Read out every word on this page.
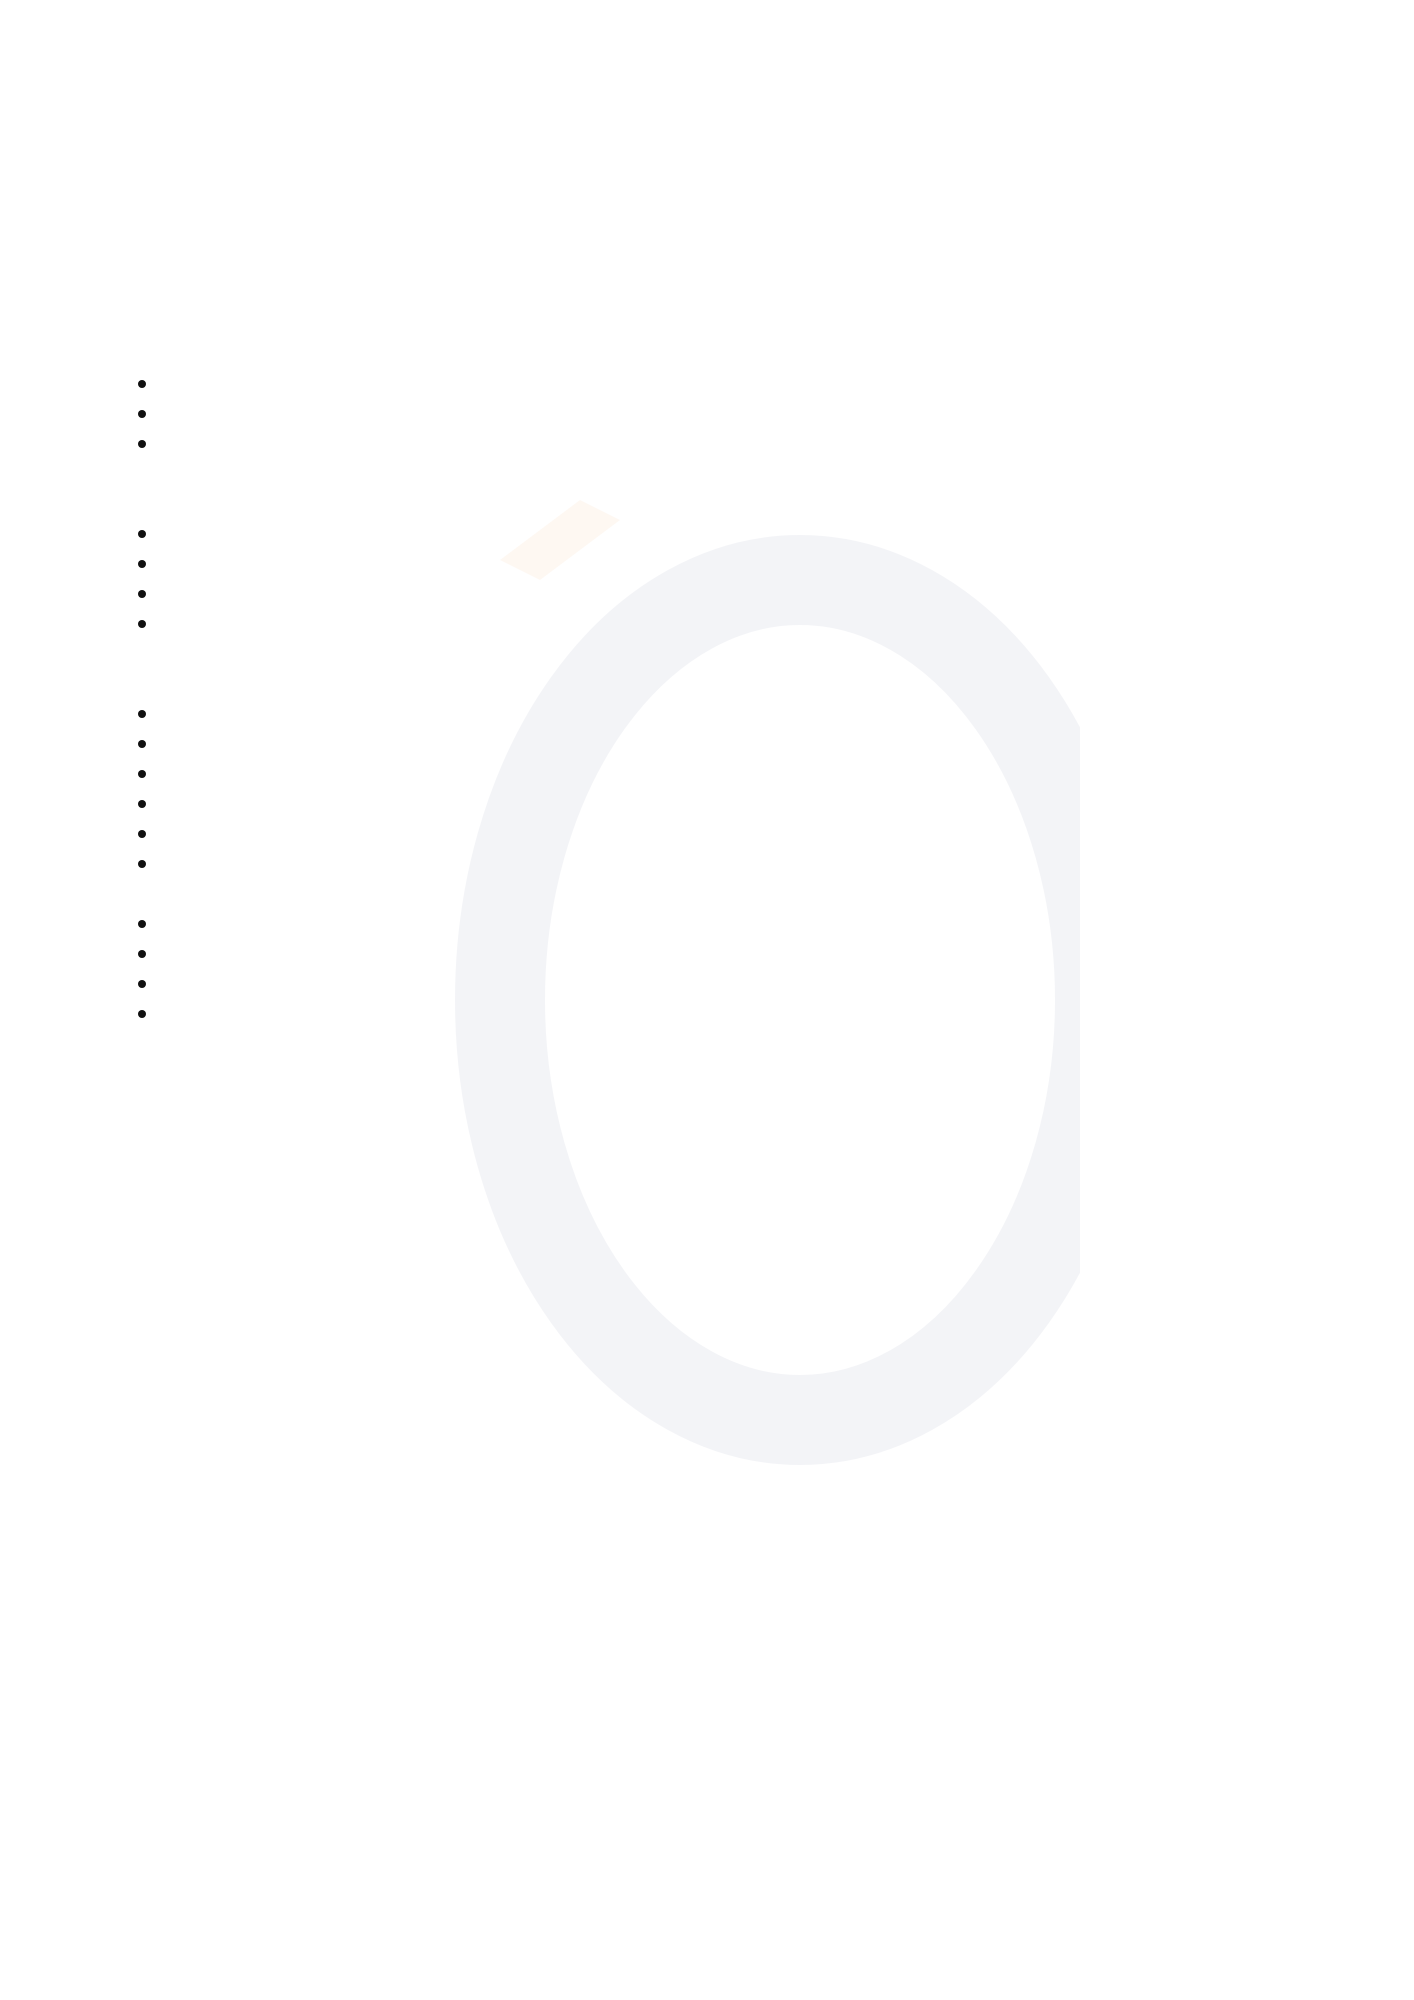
•
•
•

•
•
•
•

•
•
•
•
•
•

•
•
•
•
